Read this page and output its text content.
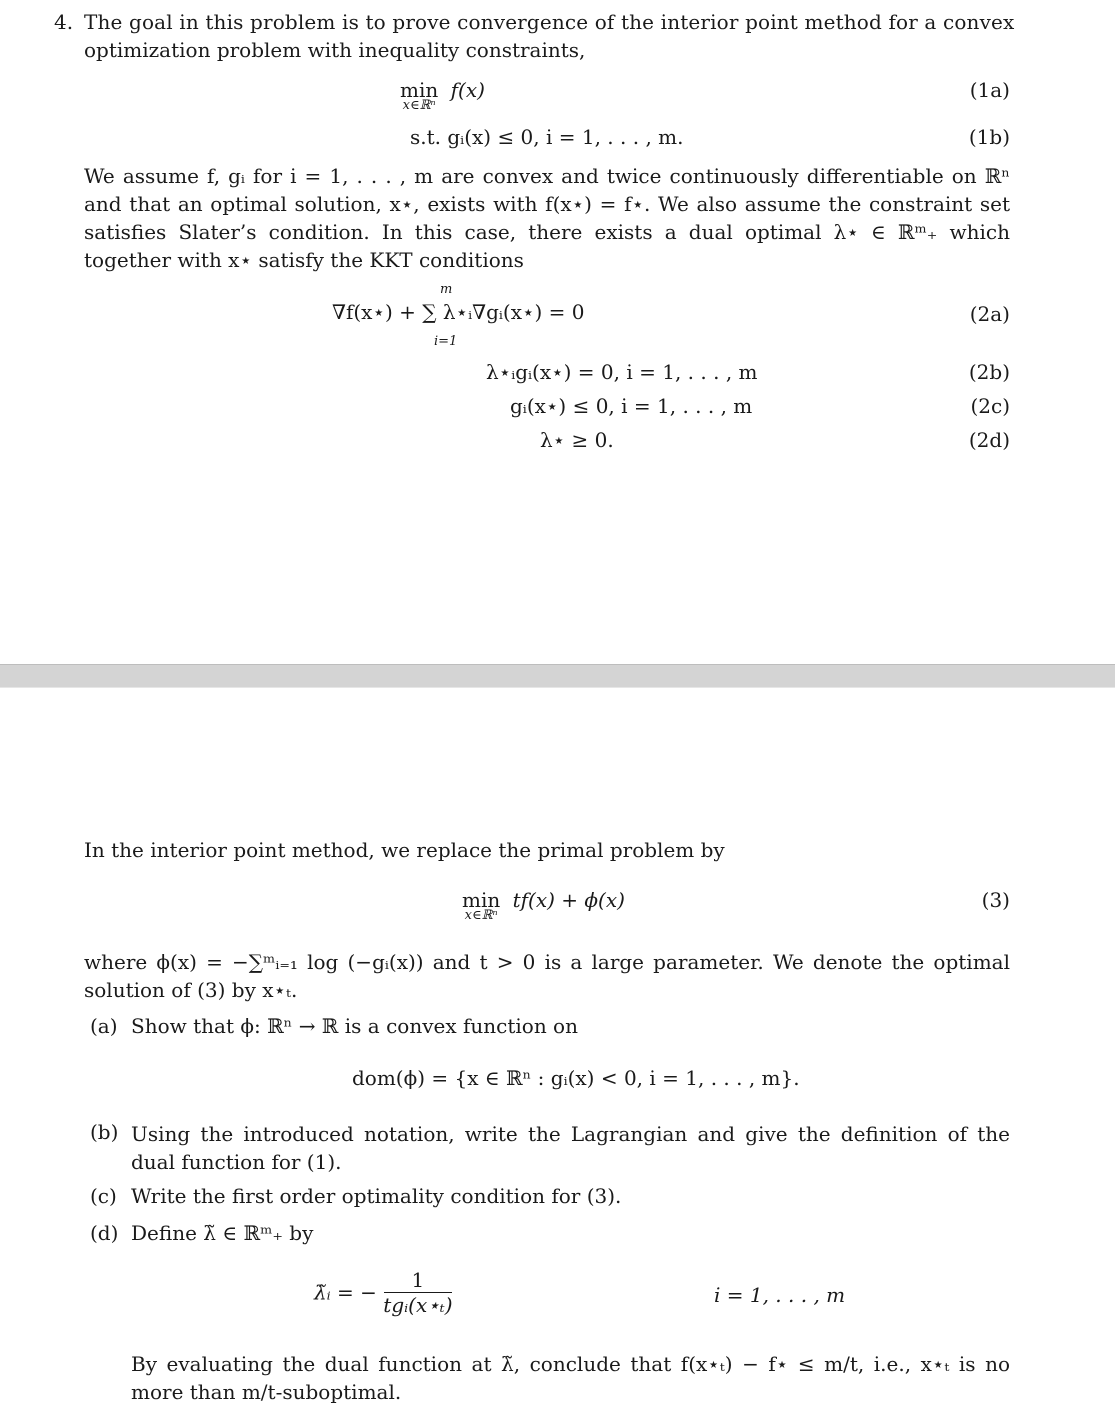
4. The goal in this problem is to prove convergence of the interior point method for a convex
optimization problem with inequality constraints,
min
x∈ℝⁿ
f(x)	(1a)
s.t. gᵢ(x) ≤ 0, i = 1, . . . , m.	(1b)
We assume f, gᵢ for i = 1, . . . , m are convex and twice continuously differentiable on ℝⁿ and that an optimal solution, x⋆, exists with f(x⋆) = f⋆. We also assume the constraint set satisfies Slater’s condition. In this case, there exists a dual optimal λ⋆ ∈ ℝᵐ₊ which together with x⋆ satisfy the KKT conditions
m
∇f(x⋆) + ∑ λ⋆ᵢ∇gᵢ(x⋆) = 0
i=1
(2a)
λ⋆ᵢgᵢ(x⋆) = 0, i = 1, . . . , m	(2b)
gᵢ(x⋆) ≤ 0, i = 1, . . . , m	(2c)
λ⋆ ≥ 0.	(2d)
In the interior point method, we replace the primal problem by
min
x∈ℝⁿ
tf(x) + ϕ(x)	(3)
where ϕ(x) = −∑ᵐᵢ₌₁ log (−gᵢ(x)) and t > 0 is a large parameter. We denote the optimal solution of (3) by x⋆ₜ.
(a) Show that ϕ: ℝⁿ → ℝ is a convex function on
dom(ϕ) = {x ∈ ℝⁿ : gᵢ(x) < 0, i = 1, . . . , m}.
(b) Using the introduced notation, write the Lagrangian and give the definition of the dual function for (1).
(c) Write the first order optimality condition for (3).
(d) Define λ̃ ∈ ℝᵐ₊ by
λ̃ᵢ = − $\frac{1}{\text{tgᵢ(x⋆ₜ)}}$	i = 1, . . . , m
By evaluating the dual function at λ̃, conclude that f(x⋆ₜ) − f⋆ ≤ m/t, i.e., x⋆ₜ is no more than m/t-suboptimal.
